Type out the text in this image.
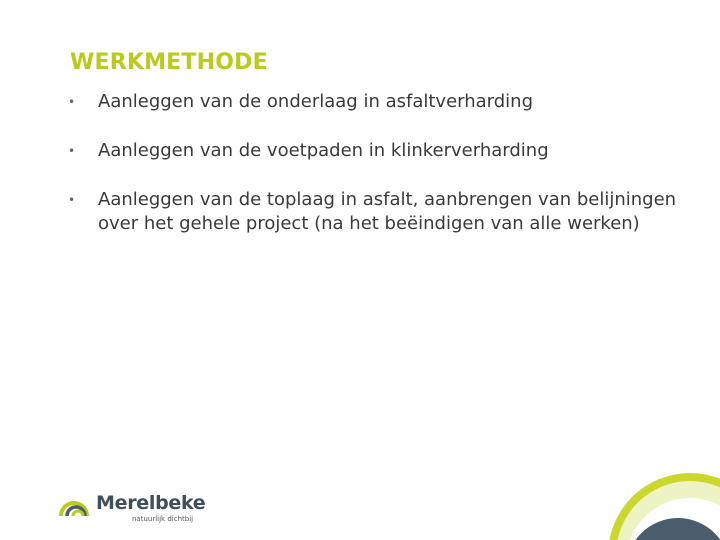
WERKMETHODE
• Aanleggen van de onderlaag in asfaltverharding
• Aanleggen van de voetpaden in klinkerverharding
• Aanleggen van de toplaag in asfalt, aanbrengen van belijningen over het gehele project (na het beëindigen van alle werken)
Merelbeke
natuurlijk dichtbij
